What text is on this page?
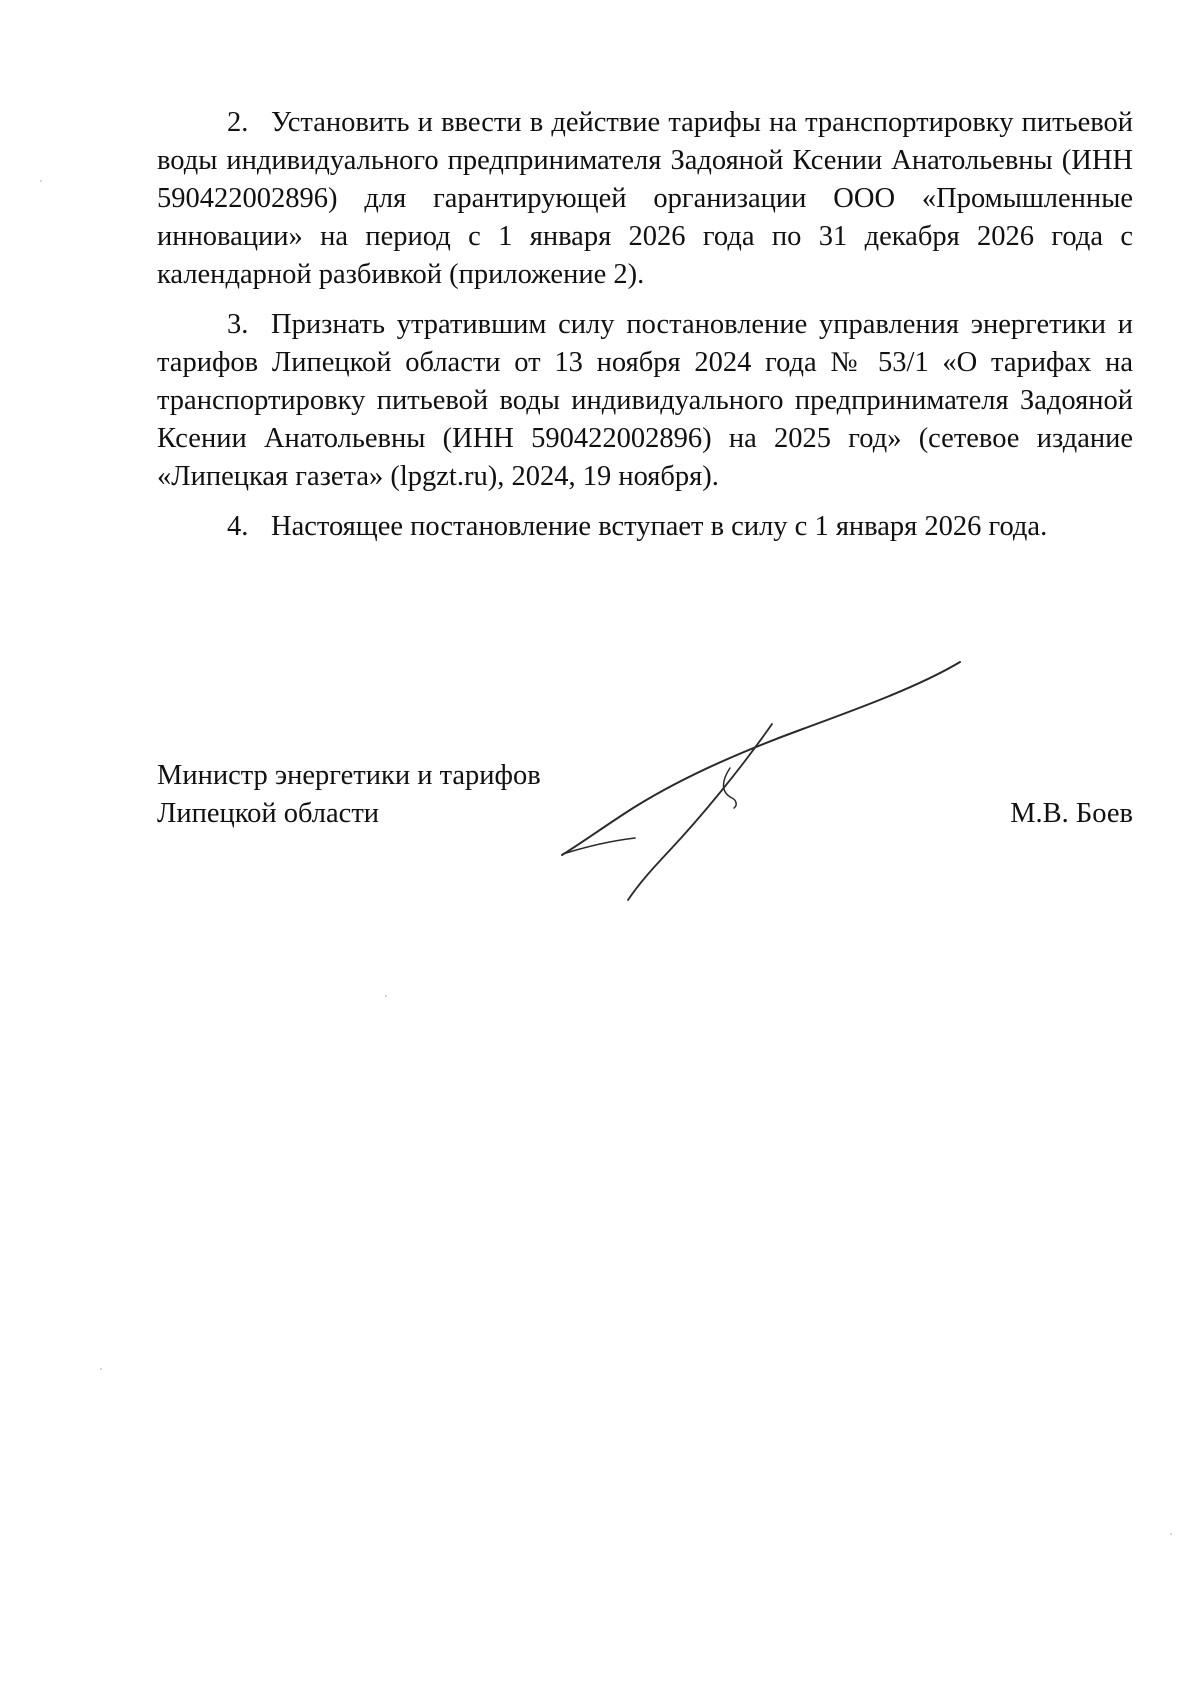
2. Установить и ввести в действие тарифы на транспортировку питьевой воды индивидуального предпринимателя Задояной Ксении Анатольевны (ИНН 590422002896) для гарантирующей организации ООО «Промышленные инновации» на период с 1 января 2026 года по 31 декабря 2026 года с календарной разбивкой (приложение 2).

3. Признать утратившим силу постановление управления энергетики и тарифов Липецкой области от 13 ноября 2024 года № 53/1 «О тарифах на транспортировку питьевой воды индивидуального предпринимателя Задояной Ксении Анатольевны (ИНН 590422002896) на 2025 год» (сетевое издание «Липецкая газета» (lpgzt.ru), 2024, 19 ноября).

4. Настоящее постановление вступает в силу с 1 января 2026 года.

Министр энергетики и тарифов
Липецкой области	М.В. Боев
